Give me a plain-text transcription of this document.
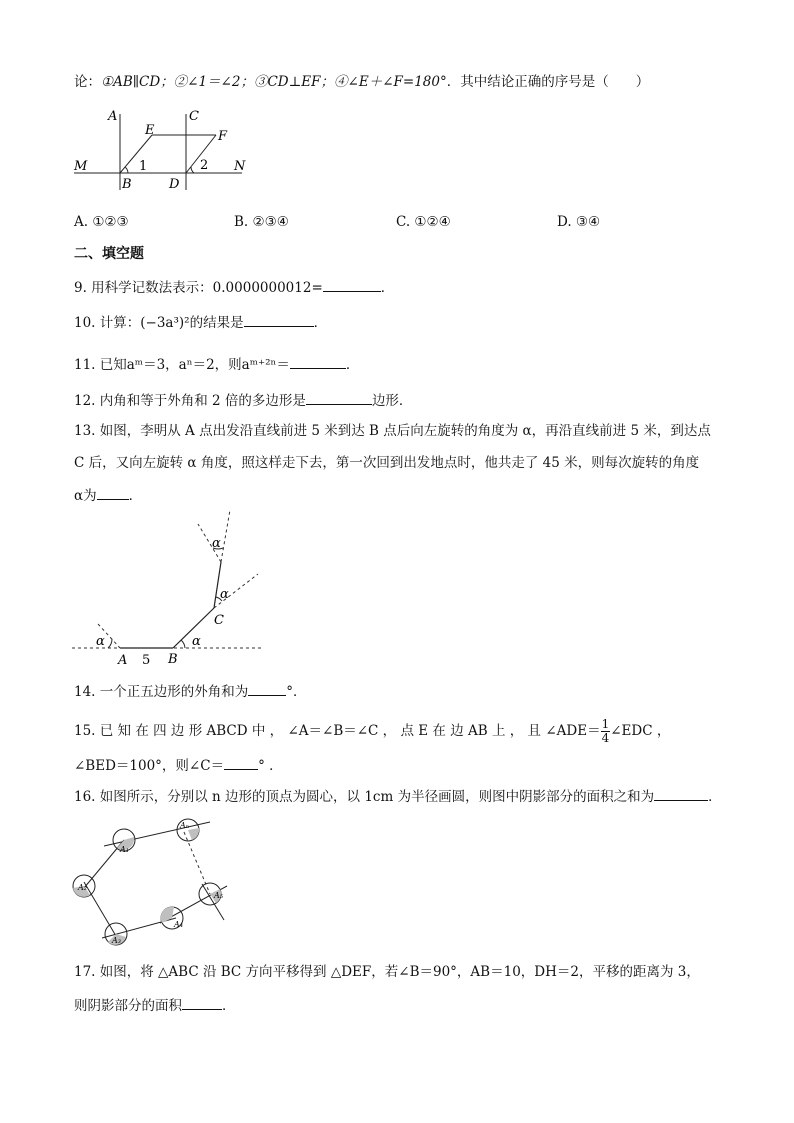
论：①AB∥CD；②∠1＝∠2；③CD⊥EF；④∠E＋∠F=180°．其中结论正确的序号是（　　）
A	C
E	F
M	N
B	D
1	2
A. ①②③	B. ②③④	C. ①②④	D. ③④
二、填空题
9. 用科学记数法表示：0.0000000012=	．
10. 计算：(−3a³)²的结果是	．
11. 已知aᵐ＝3，aⁿ＝2，则aᵐ⁺²ⁿ＝	．
12. 内角和等于外角和 2 倍的多边形是	边形．
13. 如图，李明从 A 点出发沿直线前进 5 米到达 B 点后向左旋转的角度为 α，再沿直线前进 5 米，到达点
C 后，又向左旋转 α 角度，照这样走下去，第一次回到出发地点时，他共走了 45 米，则每次旋转的角度
α为 ．
α	α
α
α
A 5 B
C
14. 一个正五边形的外角和为	°．
15. 已 知 在 四 边 形 ABCD 中 ， ∠A＝∠B＝∠C ， 点 E 在 边 AB 上 ， 且 ∠ADE＝ $\frac{1}{4}$ ∠EDC ，
∠BED＝100°，则∠C＝	° ．
16. 如图所示，分别以 n 边形的顶点为圆心，以 1cm 为半径画圆，则图中阴影部分的面积之和为	．
A₁
Aₙ
A₂
A₅
A₄
A₃
17. 如图，将 △ABC 沿 BC 方向平移得到 △DEF，若∠B＝90°，AB＝10，DH＝2，平移的距离为 3，
则阴影部分的面积	．
